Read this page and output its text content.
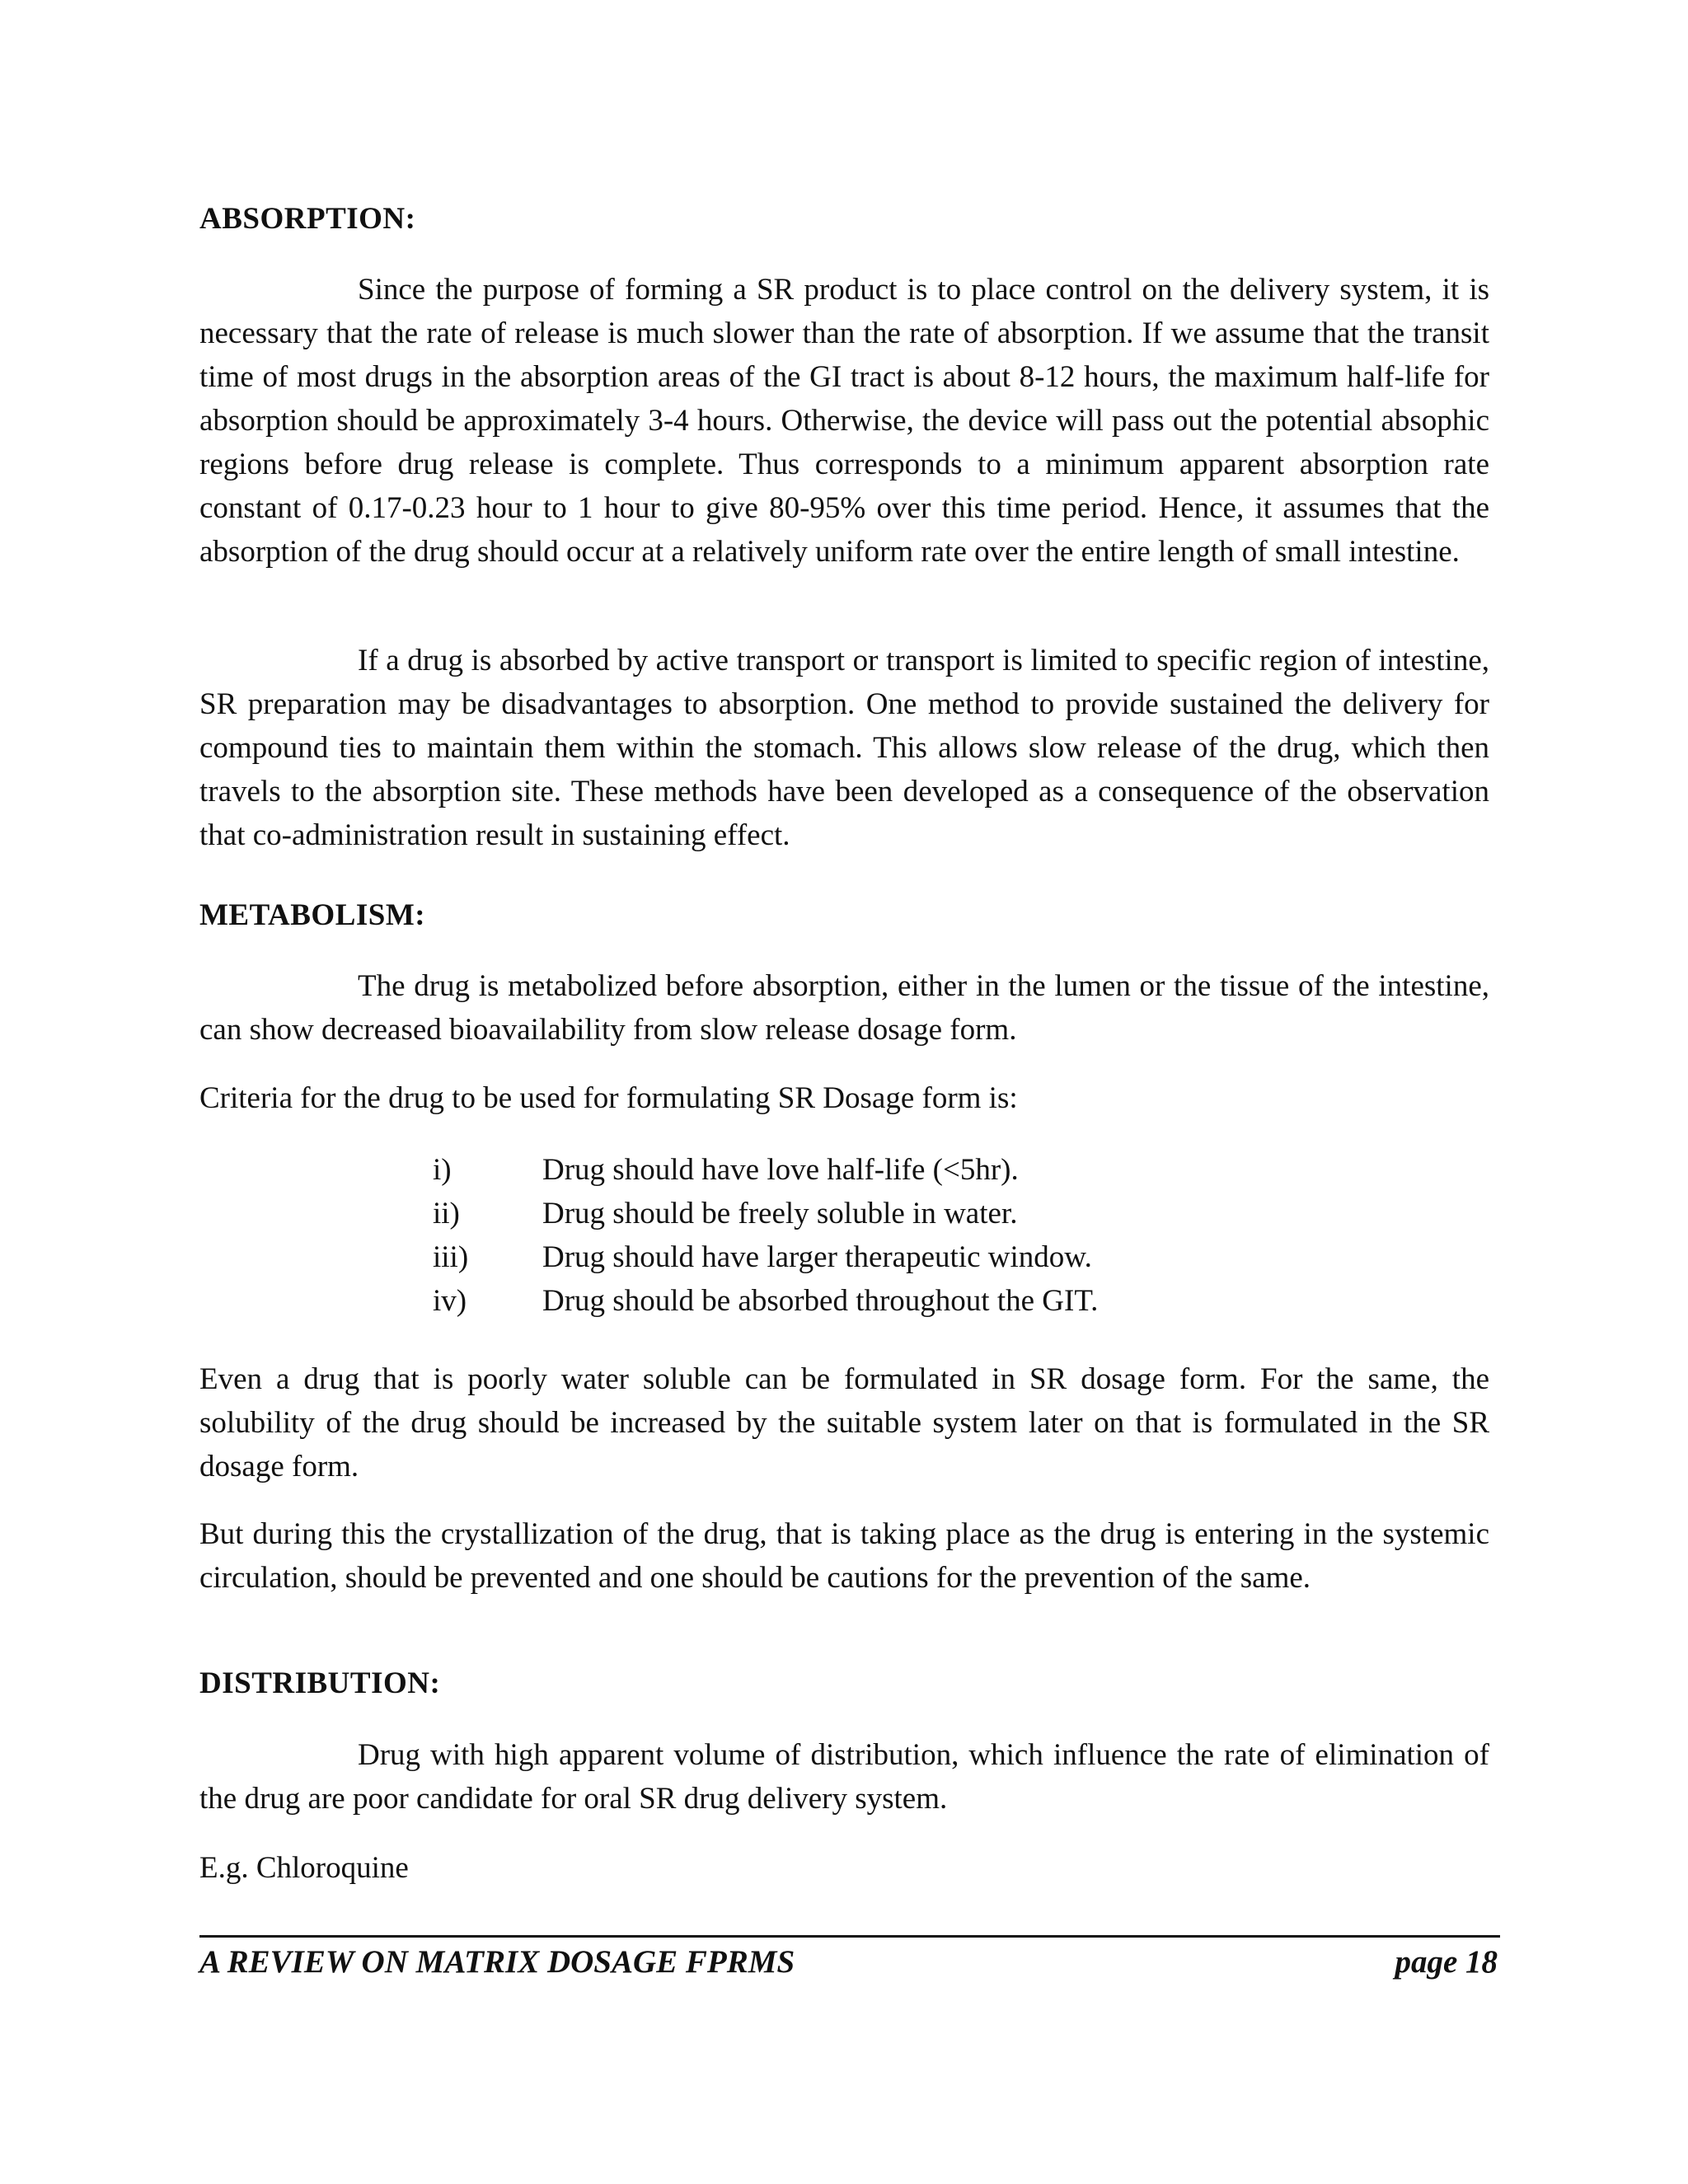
ABSORPTION:
Since the purpose of forming a SR product is to place control on the delivery system, it is necessary that the rate of release is much slower than the rate of absorption. If we assume that the transit time of most drugs in the absorption areas of the GI tract is about 8-12 hours, the maximum half-life for absorption should be approximately 3-4 hours. Otherwise, the device will pass out the potential absophic regions before drug release is complete. Thus corresponds to a minimum apparent absorption rate constant of 0.17-0.23 hour to 1 hour to give 80-95% over this time period. Hence, it assumes that the absorption of the drug should occur at a relatively uniform rate over the entire length of small intestine.
If a drug is absorbed by active transport or transport is limited to specific region of intestine, SR preparation may be disadvantages to absorption. One method to provide sustained the delivery for compound ties to maintain them within the stomach. This allows slow release of the drug, which then travels to the absorption site. These methods have been developed as a consequence of the observation that co-administration result in sustaining effect.
METABOLISM:
The drug is metabolized before absorption, either in the lumen or the tissue of the intestine, can show decreased bioavailability from slow release dosage form.
Criteria for the drug to be used for formulating SR Dosage form is:
i)	Drug should have love half-life (<5hr).
ii)	Drug should be freely soluble in water.
iii)	Drug should have larger therapeutic window.
iv)	Drug should be absorbed throughout the GIT.
Even a drug that is poorly water soluble can be formulated in SR dosage form. For the same, the solubility of the drug should be increased by the suitable system later on that is formulated in the SR dosage form.
But during this the crystallization of the drug, that is taking place as the drug is entering in the systemic circulation, should be prevented and one should be cautions for the prevention of the same.
DISTRIBUTION:
Drug with high apparent volume of distribution, which influence the rate of elimination of the drug are poor candidate for oral SR drug delivery system.
E.g. Chloroquine
A REVIEW ON MATRIX DOSAGE FPRMS	page 18
